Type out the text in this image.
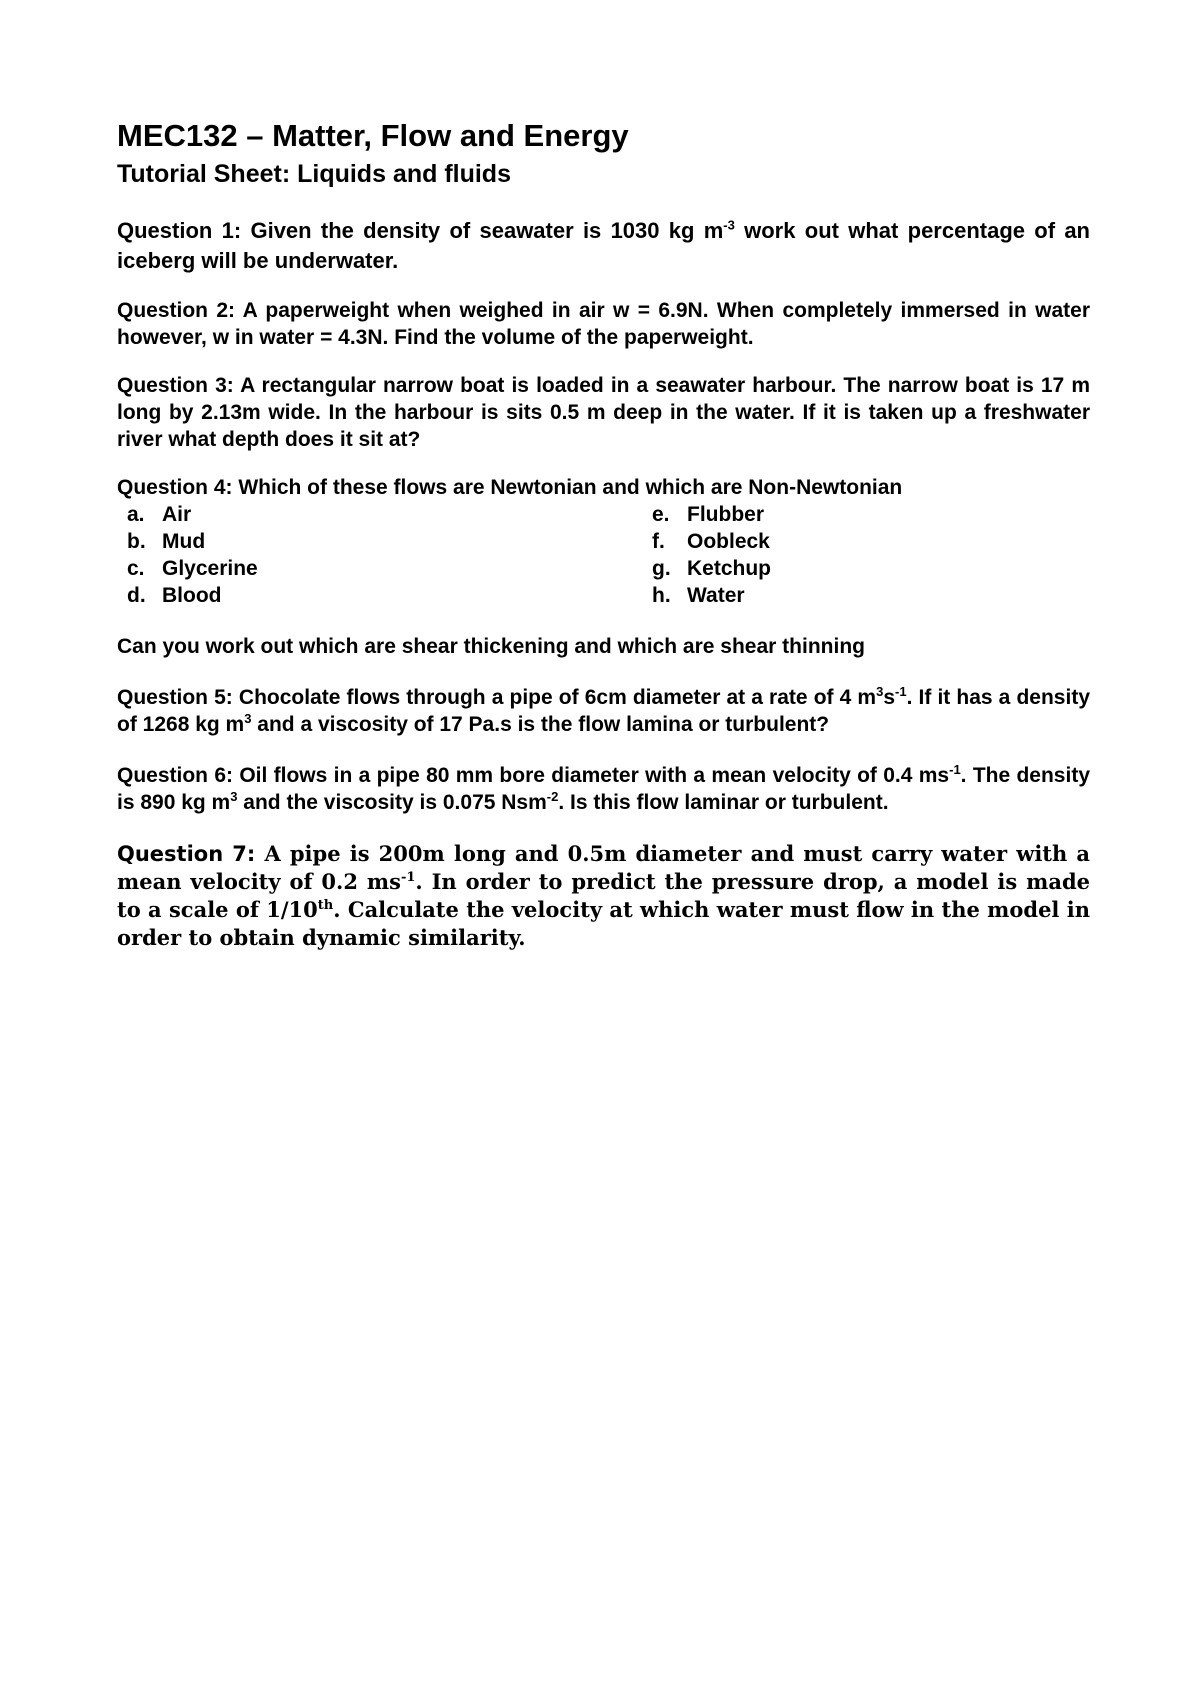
MEC132 – Matter, Flow and Energy
Tutorial Sheet: Liquids and fluids

Question 1: Given the density of seawater is 1030 kg $m^{-3}$ work out what percentage of an iceberg will be underwater.

Question 2: A paperweight when weighed in air w = 6.9N. When completely immersed in water however, w in water = 4.3N. Find the volume of the paperweight.

Question 3: A rectangular narrow boat is loaded in a seawater harbour. The narrow boat is 17 m long by 2.13m wide. In the harbour is sits 0.5 m deep in the water. If it is taken up a freshwater river what depth does it sit at?

Question 4: Which of these flows are Newtonian and which are Non-Newtonian

a. Air	e. Flubber
b. Mud	f.	Oobleck
c. Glycerine	g. Ketchup
d. Blood	h. Water

Can you work out which are shear thickening and which are shear thinning

Question 5: Chocolate flows through a pipe of 6cm diameter at a rate of 4 $m^3s^{-1}$. If it has a density of 1268 kg $m^3$ and a viscosity of 17 Pa.s is the flow lamina or turbulent?

Question 6: Oil flows in a pipe 80 mm bore diameter with a mean velocity of 0.4 $ms^{-1}$. The density is 890 kg $m^3$ and the viscosity is 0.075 Nsm$^{-2}$. Is this flow laminar or turbulent.

Question 7: A pipe is 200m long and 0.5m diameter and must carry water with a mean velocity of 0.2 $ms^{-1}$. In order to predict the pressure drop, a model is made to a scale of 1/10th. Calculate the velocity at which water must flow in the model in order to obtain dynamic similarity.
